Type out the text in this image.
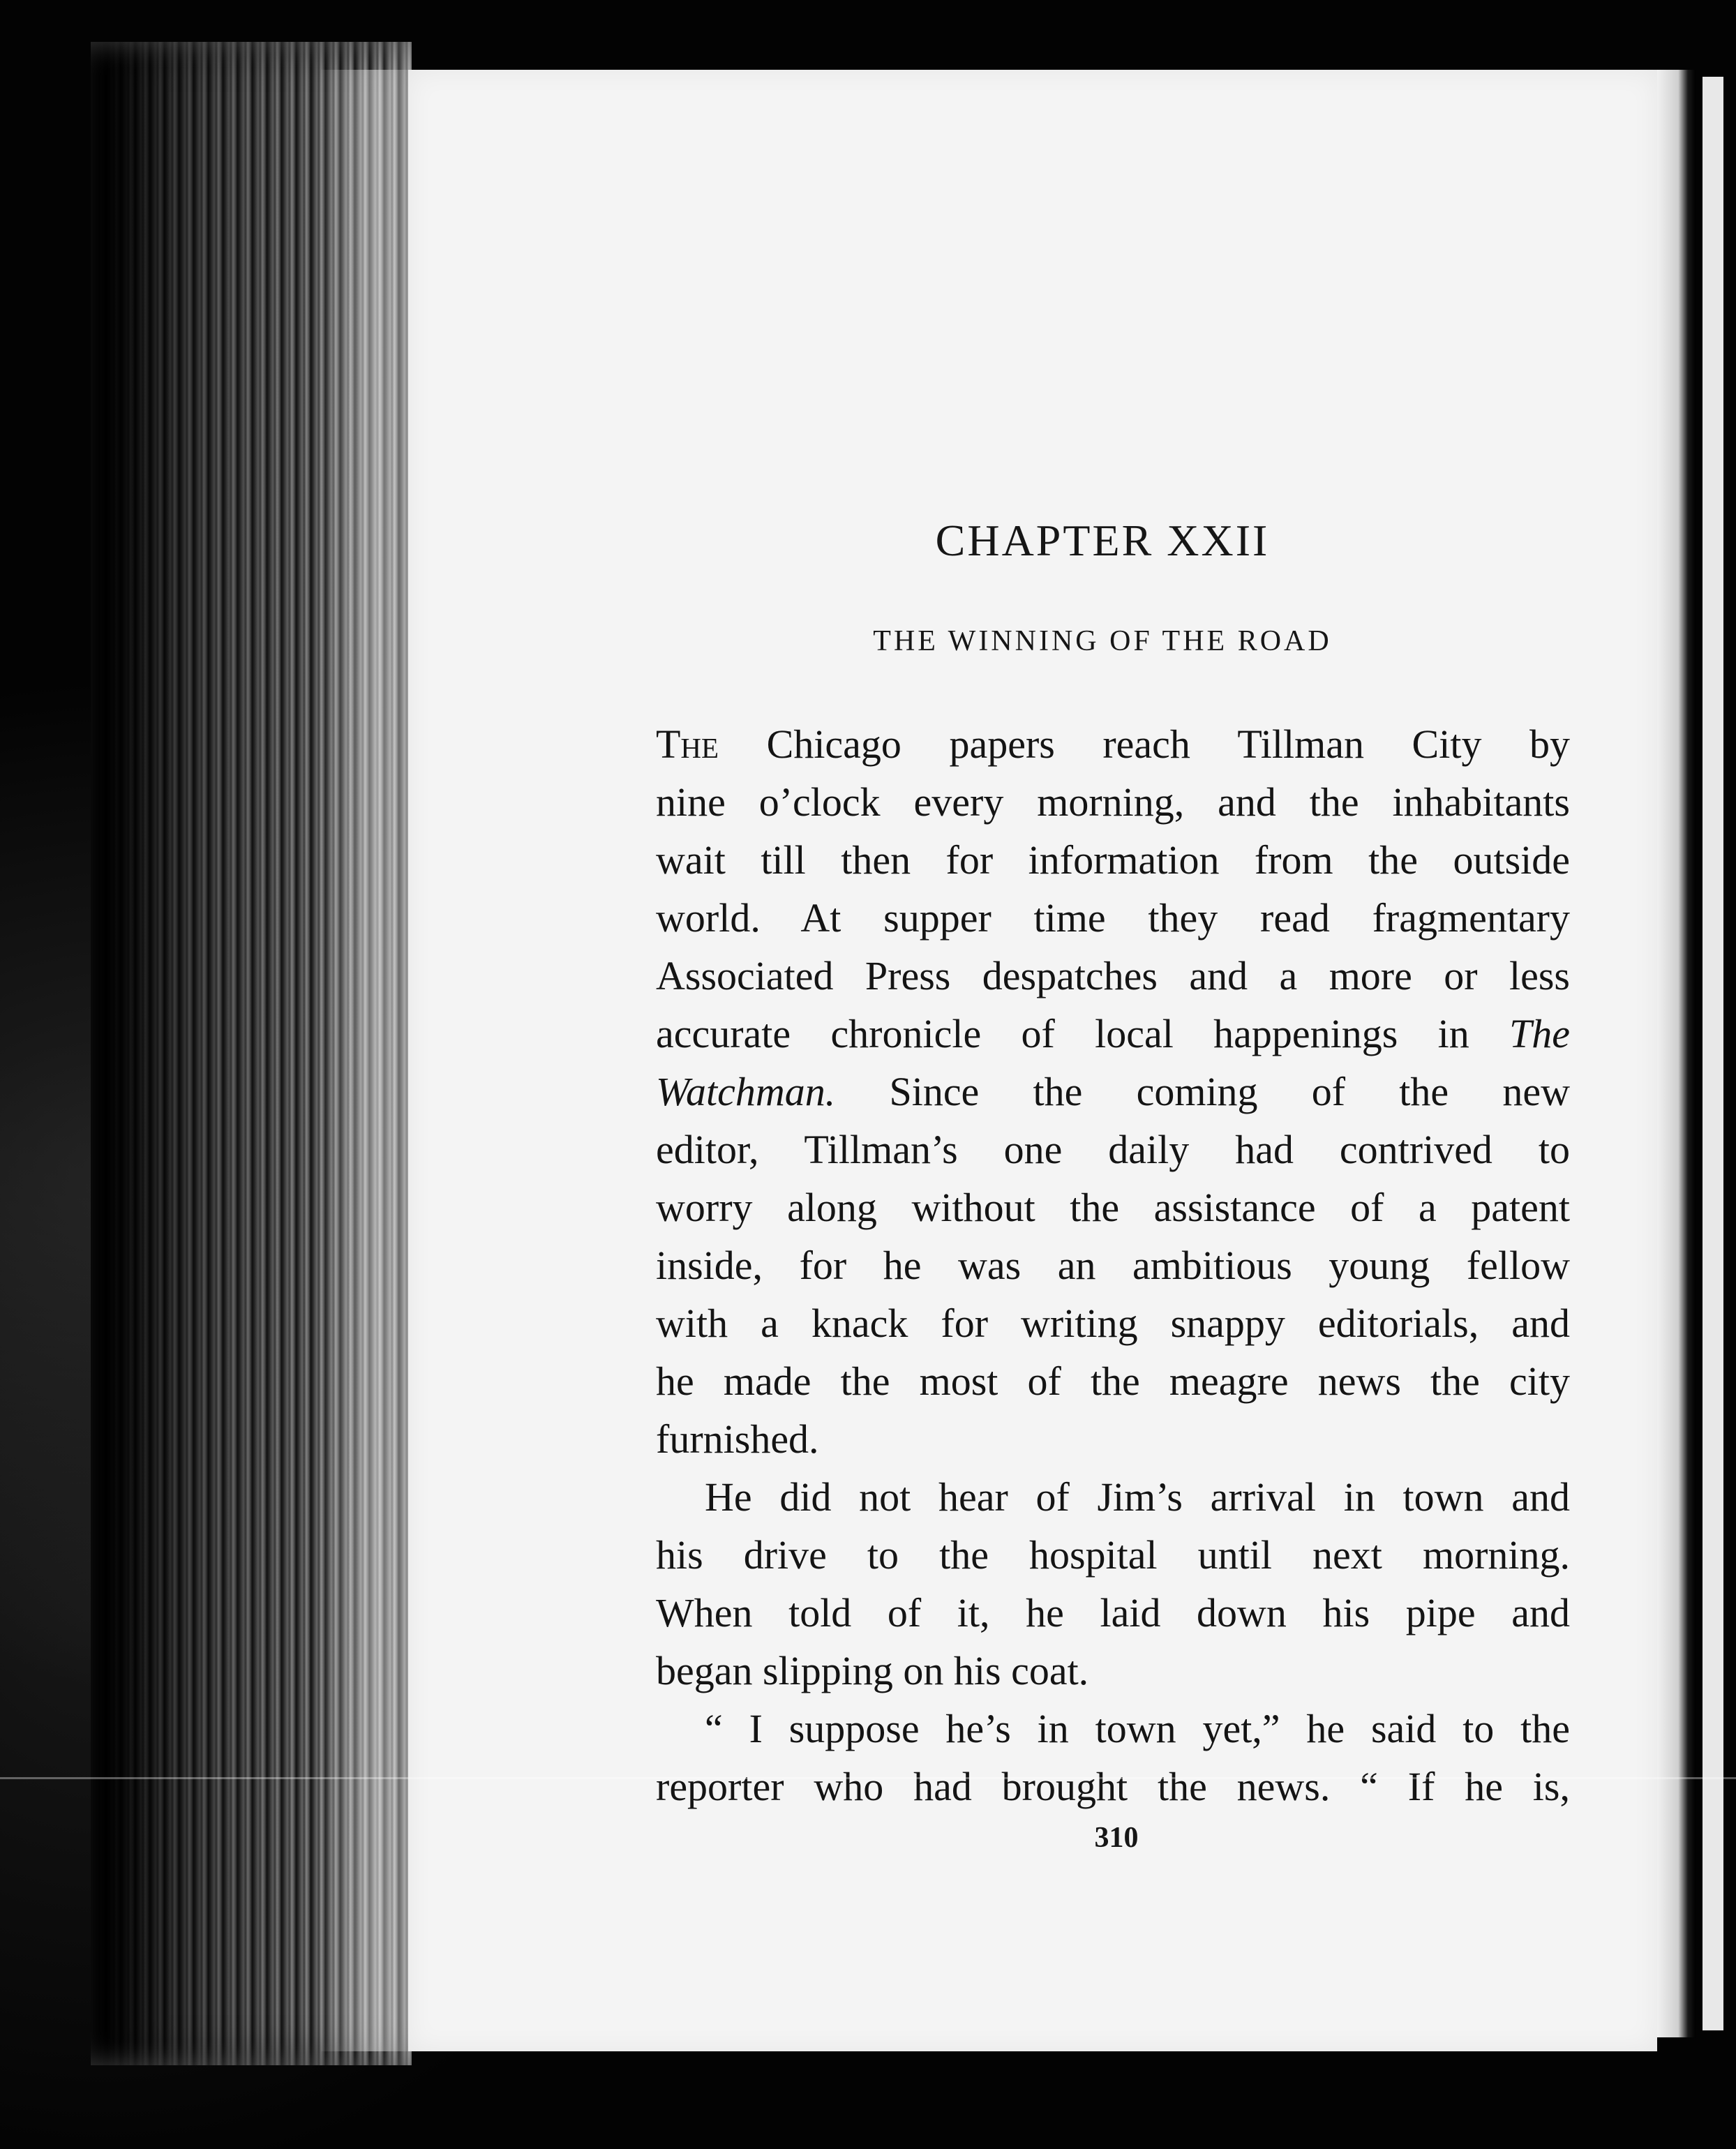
CHAPTER XXII
THE WINNING OF THE ROAD
The Chicago papers reach Tillman City by
nine o’clock every morning, and the inhabitants
wait till then for information from the outside
world. At supper time they read fragmentary
Associated Press despatches and a more or less
accurate chronicle of local happenings in The
Watchman. Since the coming of the new
editor, Tillman’s one daily had contrived to
worry along without the assistance of a patent
inside, for he was an ambitious young fellow
with a knack for writing snappy editorials, and
he made the most of the meagre news the city
furnished.
He did not hear of Jim’s arrival in town and
his drive to the hospital until next morning.
When told of it, he laid down his pipe and
began slipping on his coat.
“ I suppose he’s in town yet,” he said to the
reporter who had brought the news. “ If he is,
310
